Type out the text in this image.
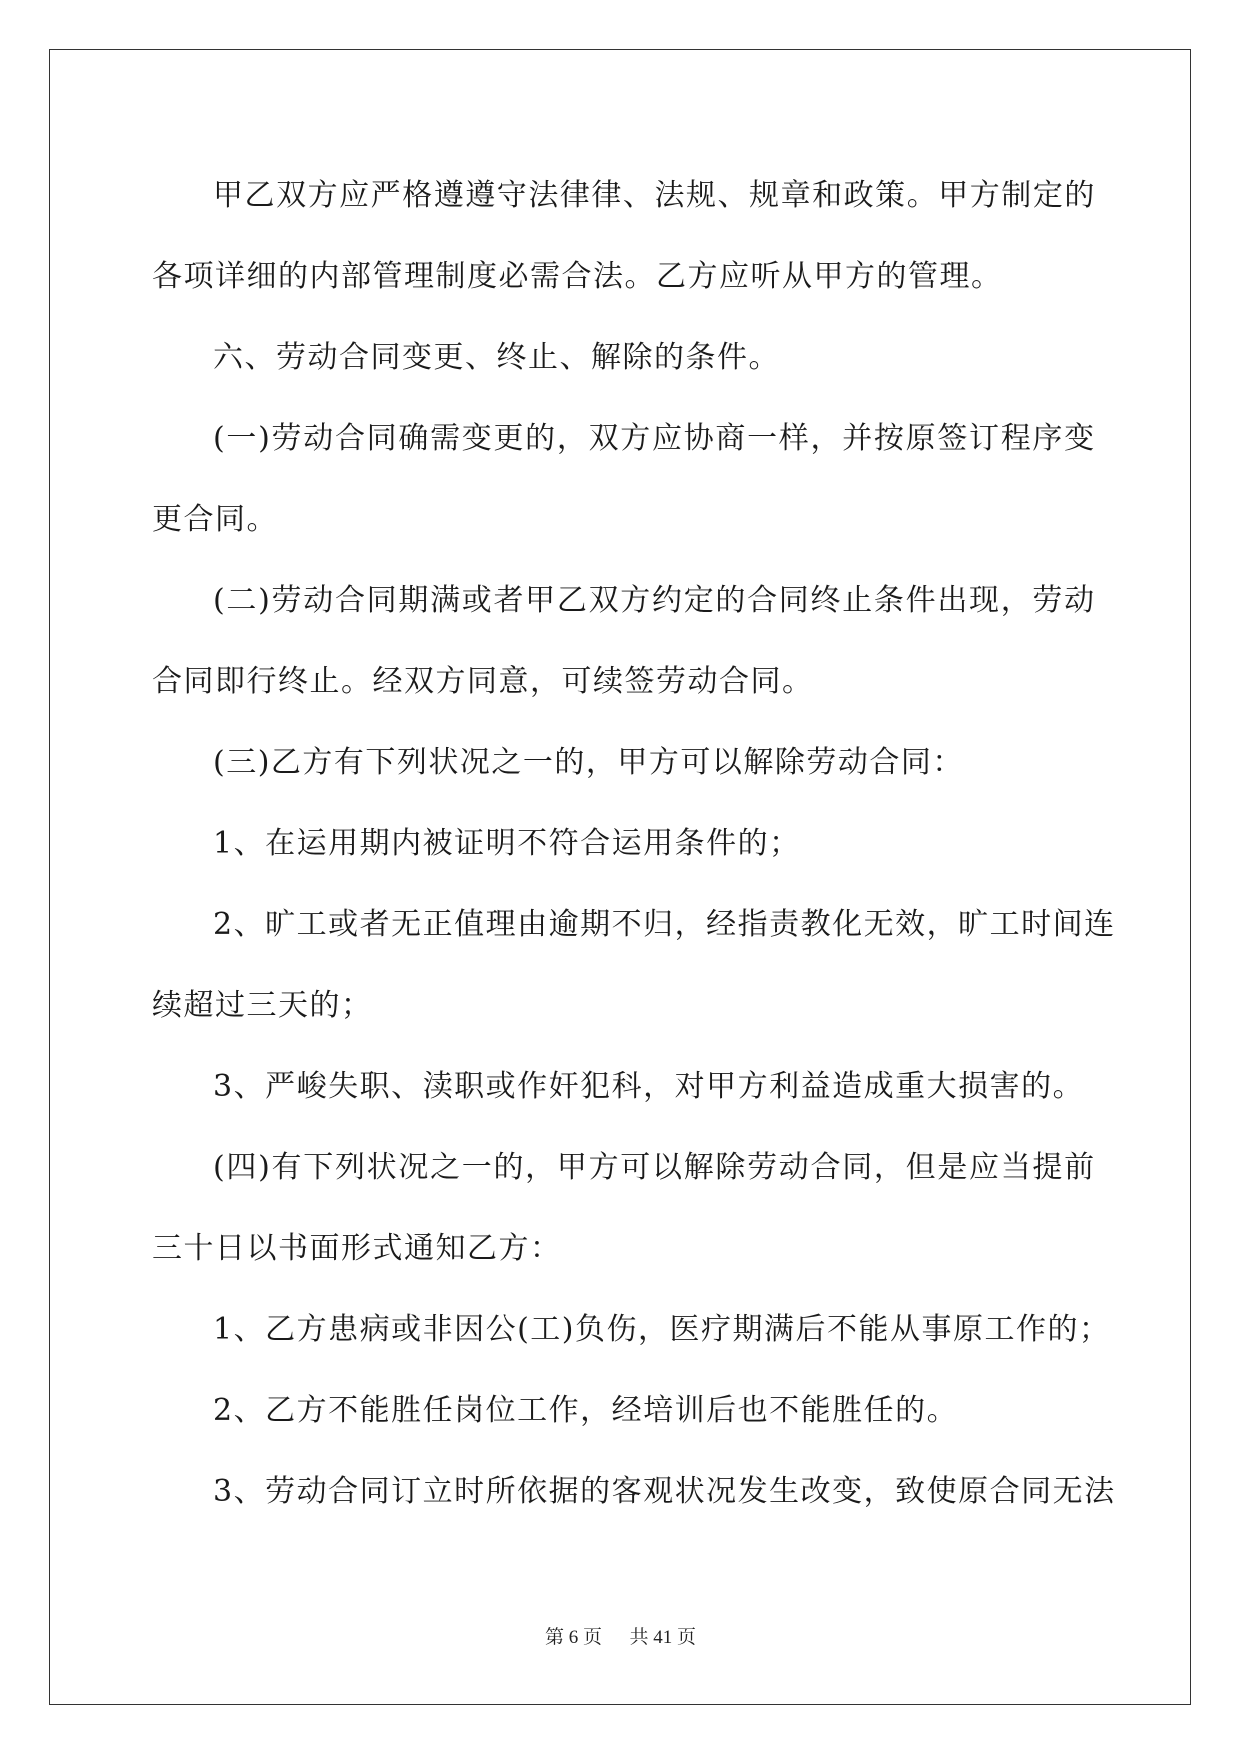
甲 乙 双 方 应 严 格 遵 遵 守 法 律 律 、 法 规 、 规 章 和 政 策 。 甲 方 制 定 的
各项详细的内部管理制度必需合法。乙方应听从甲方的管理。
六、劳动合同变更、终止、解除的条件。
( 一 ) 劳 动 合 同 确 需 变 更 的 ， 双 方 应 协 商 一 样 ， 并 按 原 签 订 程 序 变
更合同。
( 二 ) 劳 动 合 同 期 满 或 者 甲 乙 双 方 约 定 的 合 同 终 止 条 件 出 现 ， 劳 动
合同即行终止。经双方同意，可续签劳动合同。
(三)乙方有下列状况之一的，甲方可以解除劳动合同：
1、在运用期内被证明不符合运用条件的；
2 、 旷 工 或 者 无 正 值 理 由 逾 期 不 归 ， 经 指 责 教 化 无 效 ， 旷 工 时 间 连
续超过三天的；
3、严峻失职、渎职或作奸犯科，对甲方利益造成重大损害的。
( 四 ) 有 下 列 状 况 之 一 的 ， 甲 方 可 以 解 除 劳 动 合 同 ， 但 是 应 当 提 前
三十日以书面形式通知乙方：
1、乙方患病或非因公(工)负伤，医疗期满后不能从事原工作的；
2、乙方不能胜任岗位工作，经培训后也不能胜任的。
3 、 劳 动 合 同 订 立 时 所 依 据 的 客 观 状 况 发 生 改 变 ， 致 使 原 合 同 无 法
第 6 页 共 41 页
